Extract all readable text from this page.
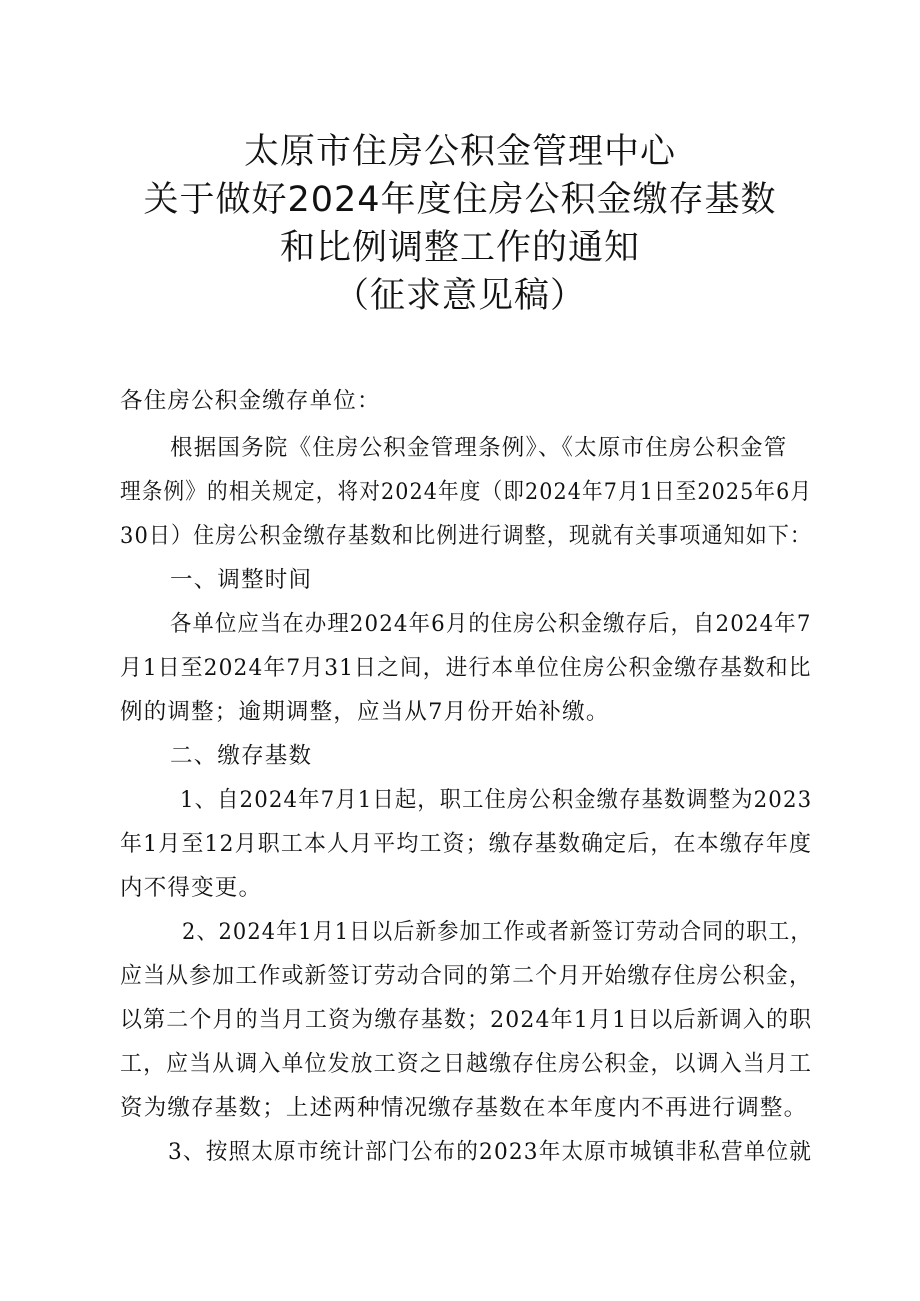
太原市住房公积金管理中心
关于做好2024年度住房公积金缴存基数
和比例调整工作的通知
（征求意见稿）
各住房公积金缴存单位：
根据国务院《住房公积金管理条例》、《太原市住房公积金管
理条例》的相关规定，将对2024年度（即2024年7月1日至2025年6月
30日）住房公积金缴存基数和比例进行调整，现就有关事项通知如下：
一、调整时间
各单位应当在办理2024年6月的住房公积金缴存后，自2024年7
月1日至2024年7月31日之间，进行本单位住房公积金缴存基数和比
例的调整；逾期调整，应当从7月份开始补缴。
二、缴存基数
1、自2024年7月1日起，职工住房公积金缴存基数调整为2023
年1月至12月职工本人月平均工资；缴存基数确定后，在本缴存年度
内不得变更。
2、2024年1月1日以后新参加工作或者新签订劳动合同的职工，
应当从参加工作或新签订劳动合同的第二个月开始缴存住房公积金，
以第二个月的当月工资为缴存基数；2024年1月1日以后新调入的职
工，应当从调入单位发放工资之日越缴存住房公积金，以调入当月工
资为缴存基数；上述两种情况缴存基数在本年度内不再进行调整。
3、按照太原市统计部门公布的2023年太原市城镇非私营单位就
